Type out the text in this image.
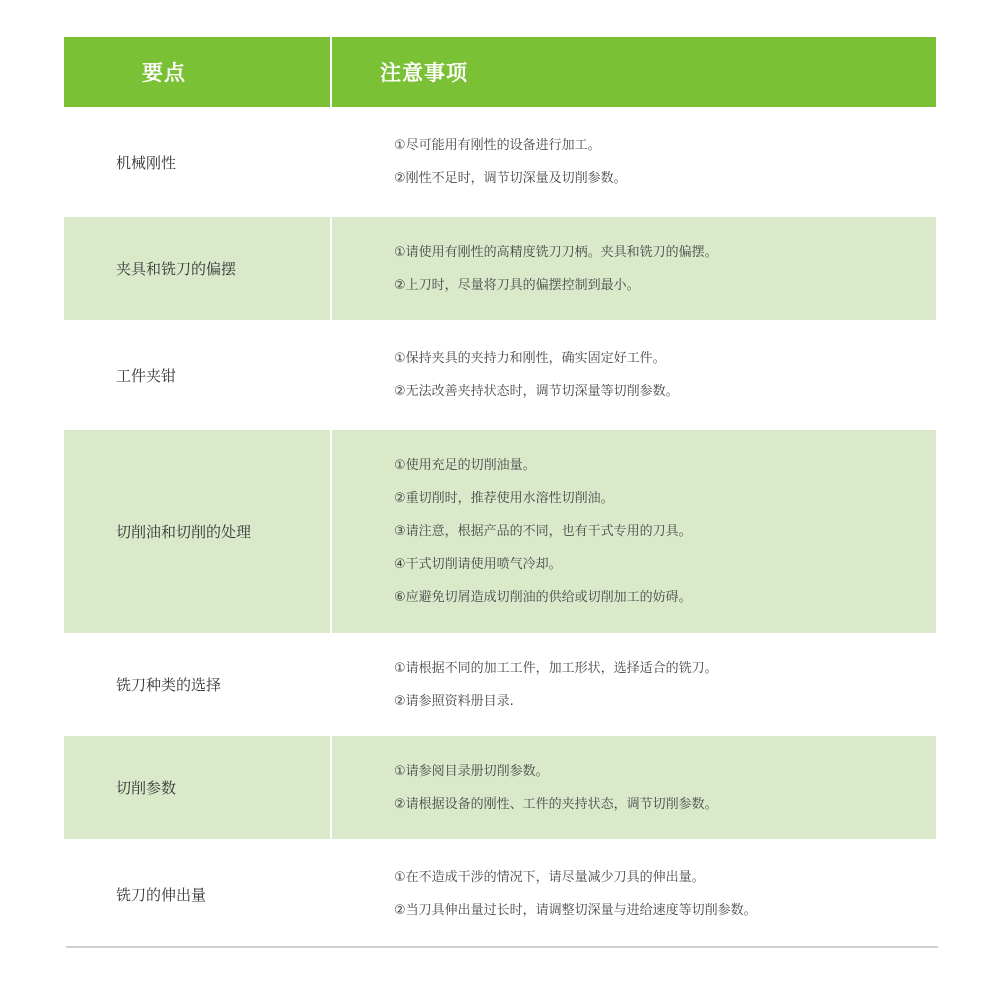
要点	注意事项
机械刚性
①尽可能用有刚性的设备进行加工。
②刚性不足时，调节切深量及切削参数。
夹具和铣刀的偏摆
①请使用有刚性的高精度铣刀刀柄。夹具和铣刀的偏摆。
②上刀时，尽量将刀具的偏摆控制到最小。
工件夹钳
①保持夹具的夹持力和刚性，确实固定好工件。
②无法改善夹持状态时，调节切深量等切削参数。
切削油和切削的处理
①使用充足的切削油量。
②重切削时，推荐使用水溶性切削油。
③请注意，根据产品的不同，也有干式专用的刀具。
④干式切削请使用喷气冷却。
⑥应避免切屑造成切削油的供给或切削加工的妨碍。
铣刀种类的选择
①请根据不同的加工工件，加工形状，选择适合的铣刀。
②请参照资料册目录.
切削参数
①请参阅目录册切削参数。
②请根据设备的刚性、工件的夹持状态，调节切削参数。
铣刀的伸出量
①在不造成干涉的情况下，请尽量减少刀具的伸出量。
②当刀具伸出量过长时，请调整切深量与进给速度等切削参数。
